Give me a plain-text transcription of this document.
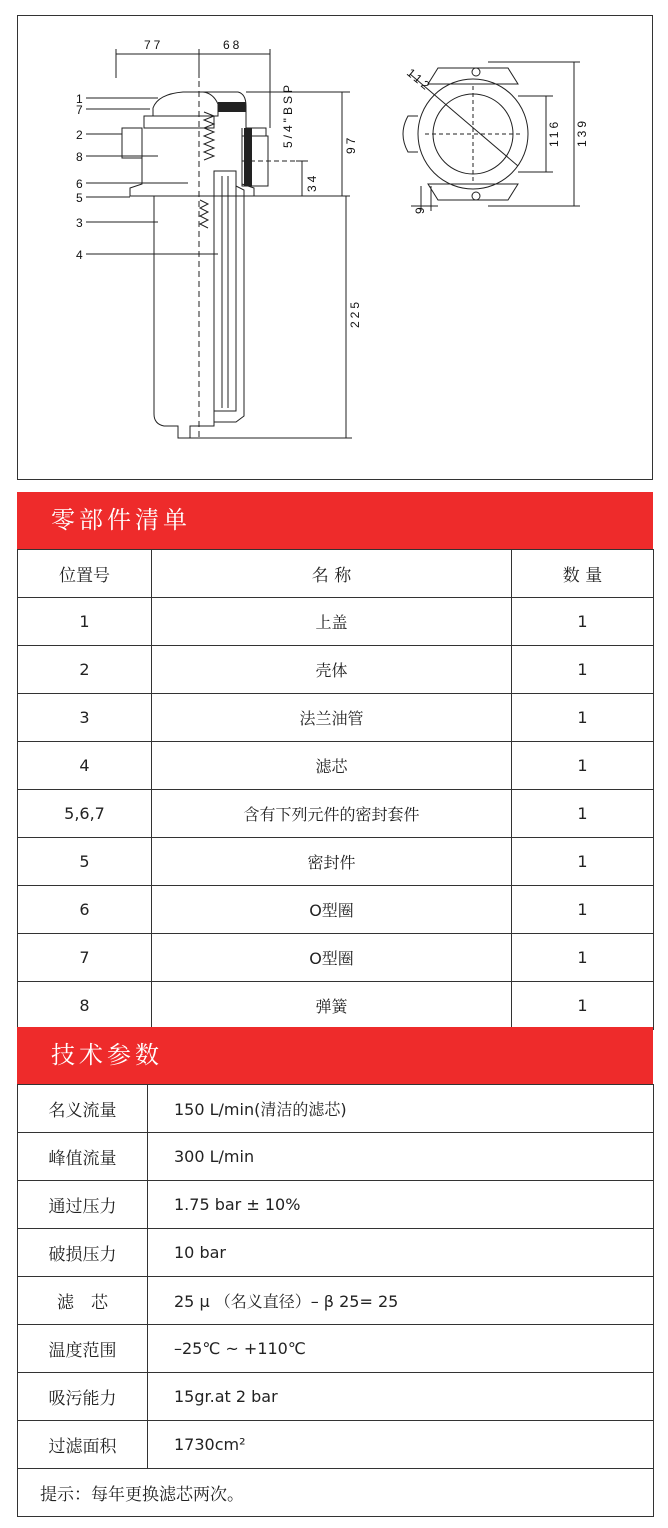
77	68
5/4"BSP	97
34
225
112
116 139
9
1
7
2
8
6
5
3
4
零部件清单
位置号	名 称	数 量
1	上盖	1
2	壳体	1
3	法兰油管	1
4	滤芯	1
5,6,7	含有下列元件的密封套件	1
5	密封件	1
6	O型圈	1
7	O型圈	1
8	弹簧	1
技术参数
名义流量	150 L/min(清洁的滤芯)
峰值流量	300 L/min
通过压力	1.75 bar ± 10%
破损压力	10 bar
滤　芯	25 μ （名义直径）– β 25= 25
温度范围	–25℃ ~ +110℃
吸污能力	15gr.at 2 bar
过滤面积	1730cm²
提示：每年更换滤芯两次。	
